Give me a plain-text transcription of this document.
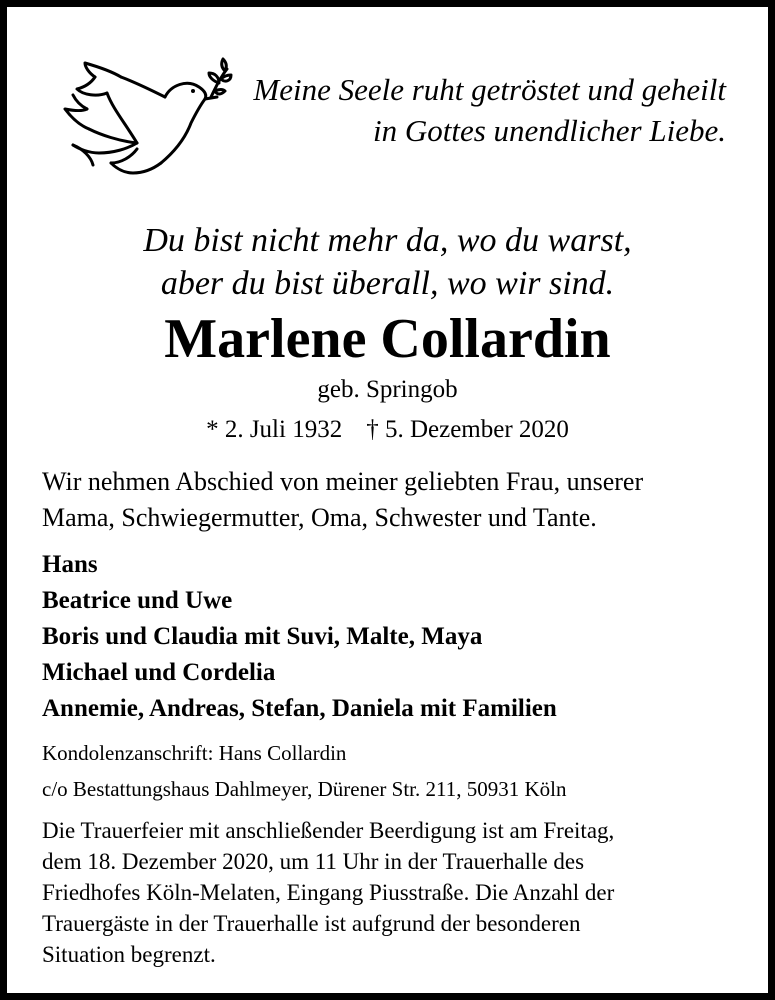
Meine Seele ruht getröstet und geheilt
in Gottes unendlicher Liebe.
Du bist nicht mehr da, wo du warst,
aber du bist überall, wo wir sind.
Marlene Collardin
geb. Springob
* 2. Juli 1932 † 5. Dezember 2020
Wir nehmen Abschied von meiner geliebten Frau, unserer
Mama, Schwiegermutter, Oma, Schwester und Tante.
Hans
Beatrice und Uwe
Boris und Claudia mit Suvi, Malte, Maya
Michael und Cordelia
Annemie, Andreas, Stefan, Daniela mit Familien
Kondolenzanschrift: Hans Collardin
c/o Bestattungshaus Dahlmeyer, Dürener Str. 211, 50931 Köln
Die Trauerfeier mit anschließender Beerdigung ist am Freitag,
dem 18. Dezember 2020, um 11 Uhr in der Trauerhalle des
Friedhofes Köln-Melaten, Eingang Piusstraße. Die Anzahl der
Trauergäste in der Trauerhalle ist aufgrund der besonderen
Situation begrenzt.
